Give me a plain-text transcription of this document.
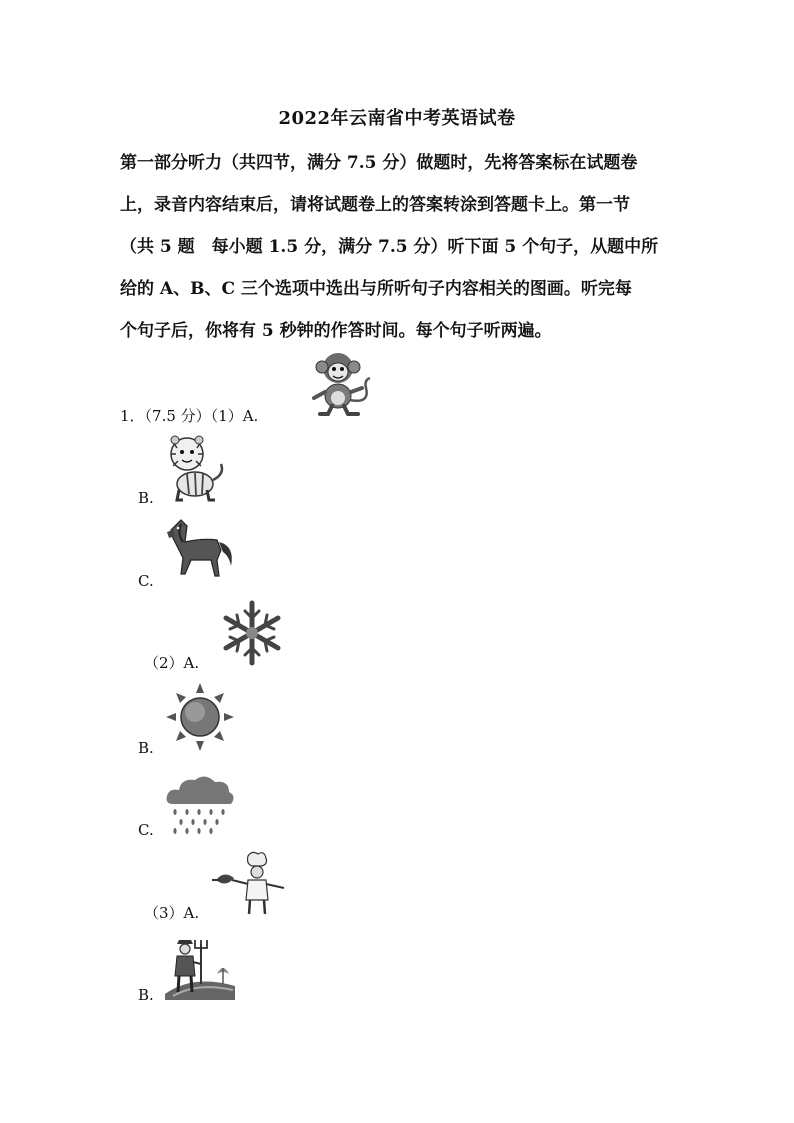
2022年云南省中考英语试卷

第一部分听力（共四节，满分 7.5 分）做题时，先将答案标在试题卷

上，录音内容结束后，请将试题卷上的答案转涂到答题卡上。第一节

（共 5 题　每小题 1.5 分，满分 7.5 分）听下面 5 个句子，从题中所

给的 A、B、C 三个选项中选出与所听句子内容相关的图画。听完每

个句子后，你将有 5 秒钟的作答时间。每个句子听两遍。

1．（7.5 分）（1）A.
B.
C.
（2）A.
B.
C.
（3）A.
B.
